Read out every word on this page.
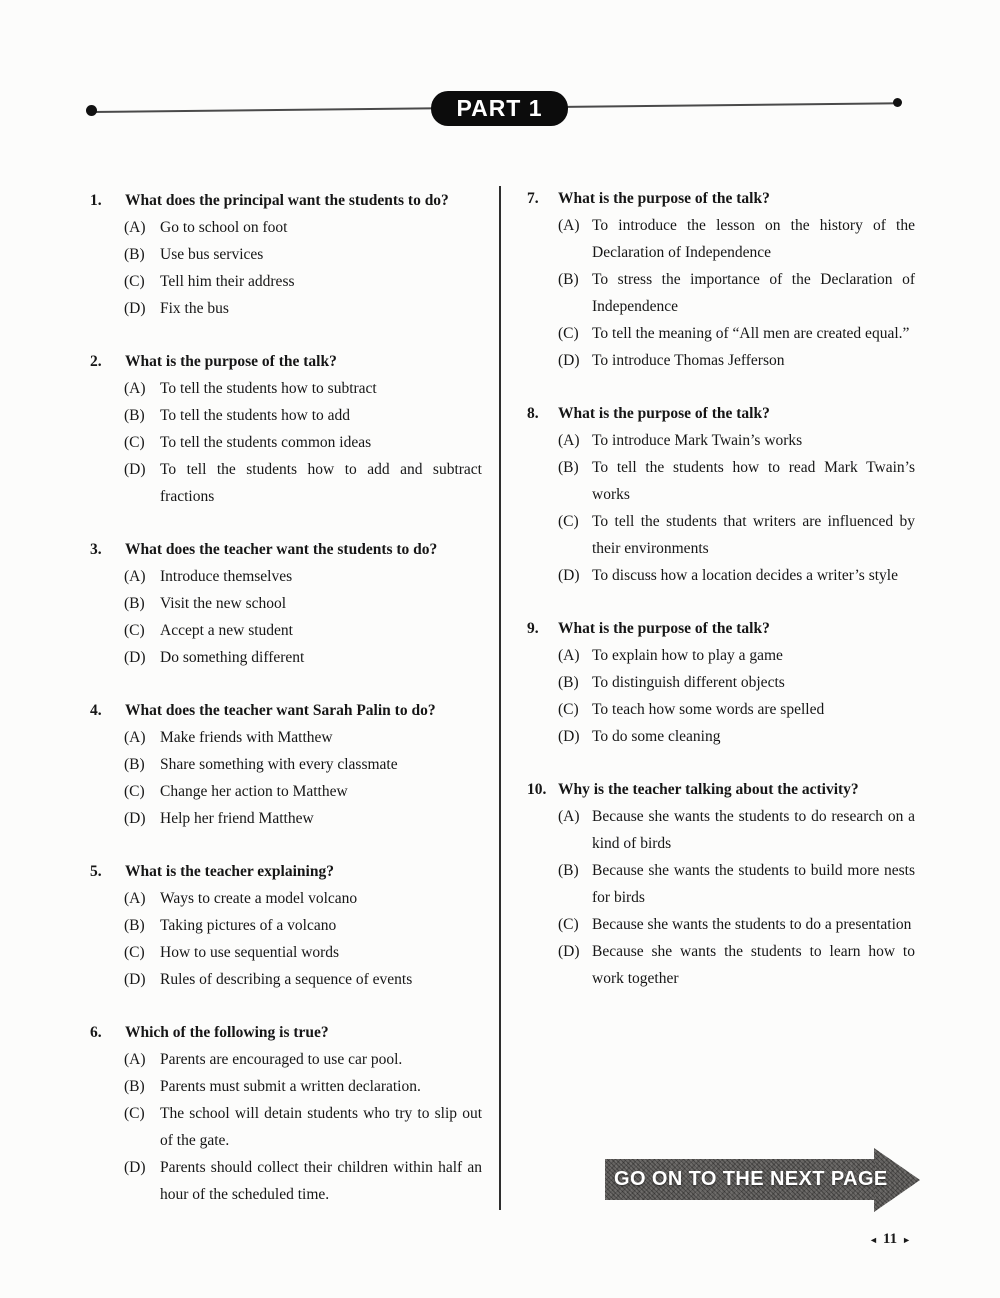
PART 1
1.	What does the principal want the students to do?
(A) Go to school on foot
(B) Use bus services
(C) Tell him their address
(D) Fix the bus
2.	What is the purpose of the talk?
(A) To tell the students how to subtract
(B) To tell the students how to add
(C) To tell the students common ideas
(D) To tell the students how to add and subtract fractions
3.	What does the teacher want the students to do?
(A) Introduce themselves
(B) Visit the new school
(C) Accept a new student
(D) Do something different
4.	What does the teacher want Sarah Palin to do?
(A) Make friends with Matthew
(B) Share something with every classmate
(C) Change her action to Matthew
(D) Help her friend Matthew
5.	What is the teacher explaining?
(A) Ways to create a model volcano
(B) Taking pictures of a volcano
(C) How to use sequential words
(D) Rules of describing a sequence of events
6.	Which of the following is true?
(A) Parents are encouraged to use car pool.
(B) Parents must submit a written declaration.
(C) The school will detain students who try to slip out of the gate.
(D) Parents should collect their children within half an hour of the scheduled time.
7.	What is the purpose of the talk?
(A) To introduce the lesson on the history of the Declaration of Independence
(B) To stress the importance of the Declaration of Independence
(C) To tell the meaning of “All men are created equal.”
(D) To introduce Thomas Jefferson
8.	What is the purpose of the talk?
(A) To introduce Mark Twain’s works
(B) To tell the students how to read Mark Twain’s works
(C) To tell the students that writers are influenced by their environments
(D) To discuss how a location decides a writer’s style
9.	What is the purpose of the talk?
(A) To explain how to play a game
(B) To distinguish different objects
(C) To teach how some words are spelled
(D) To do some cleaning
10. Why is the teacher talking about the activity?
(A) Because she wants the students to do research on a kind of birds
(B) Because she wants the students to build more nests for birds
(C) Because she wants the students to do a presentation
(D) Because she wants the students to learn how to work together
GO ON TO THE NEXT PAGE
◄ 11 ►
